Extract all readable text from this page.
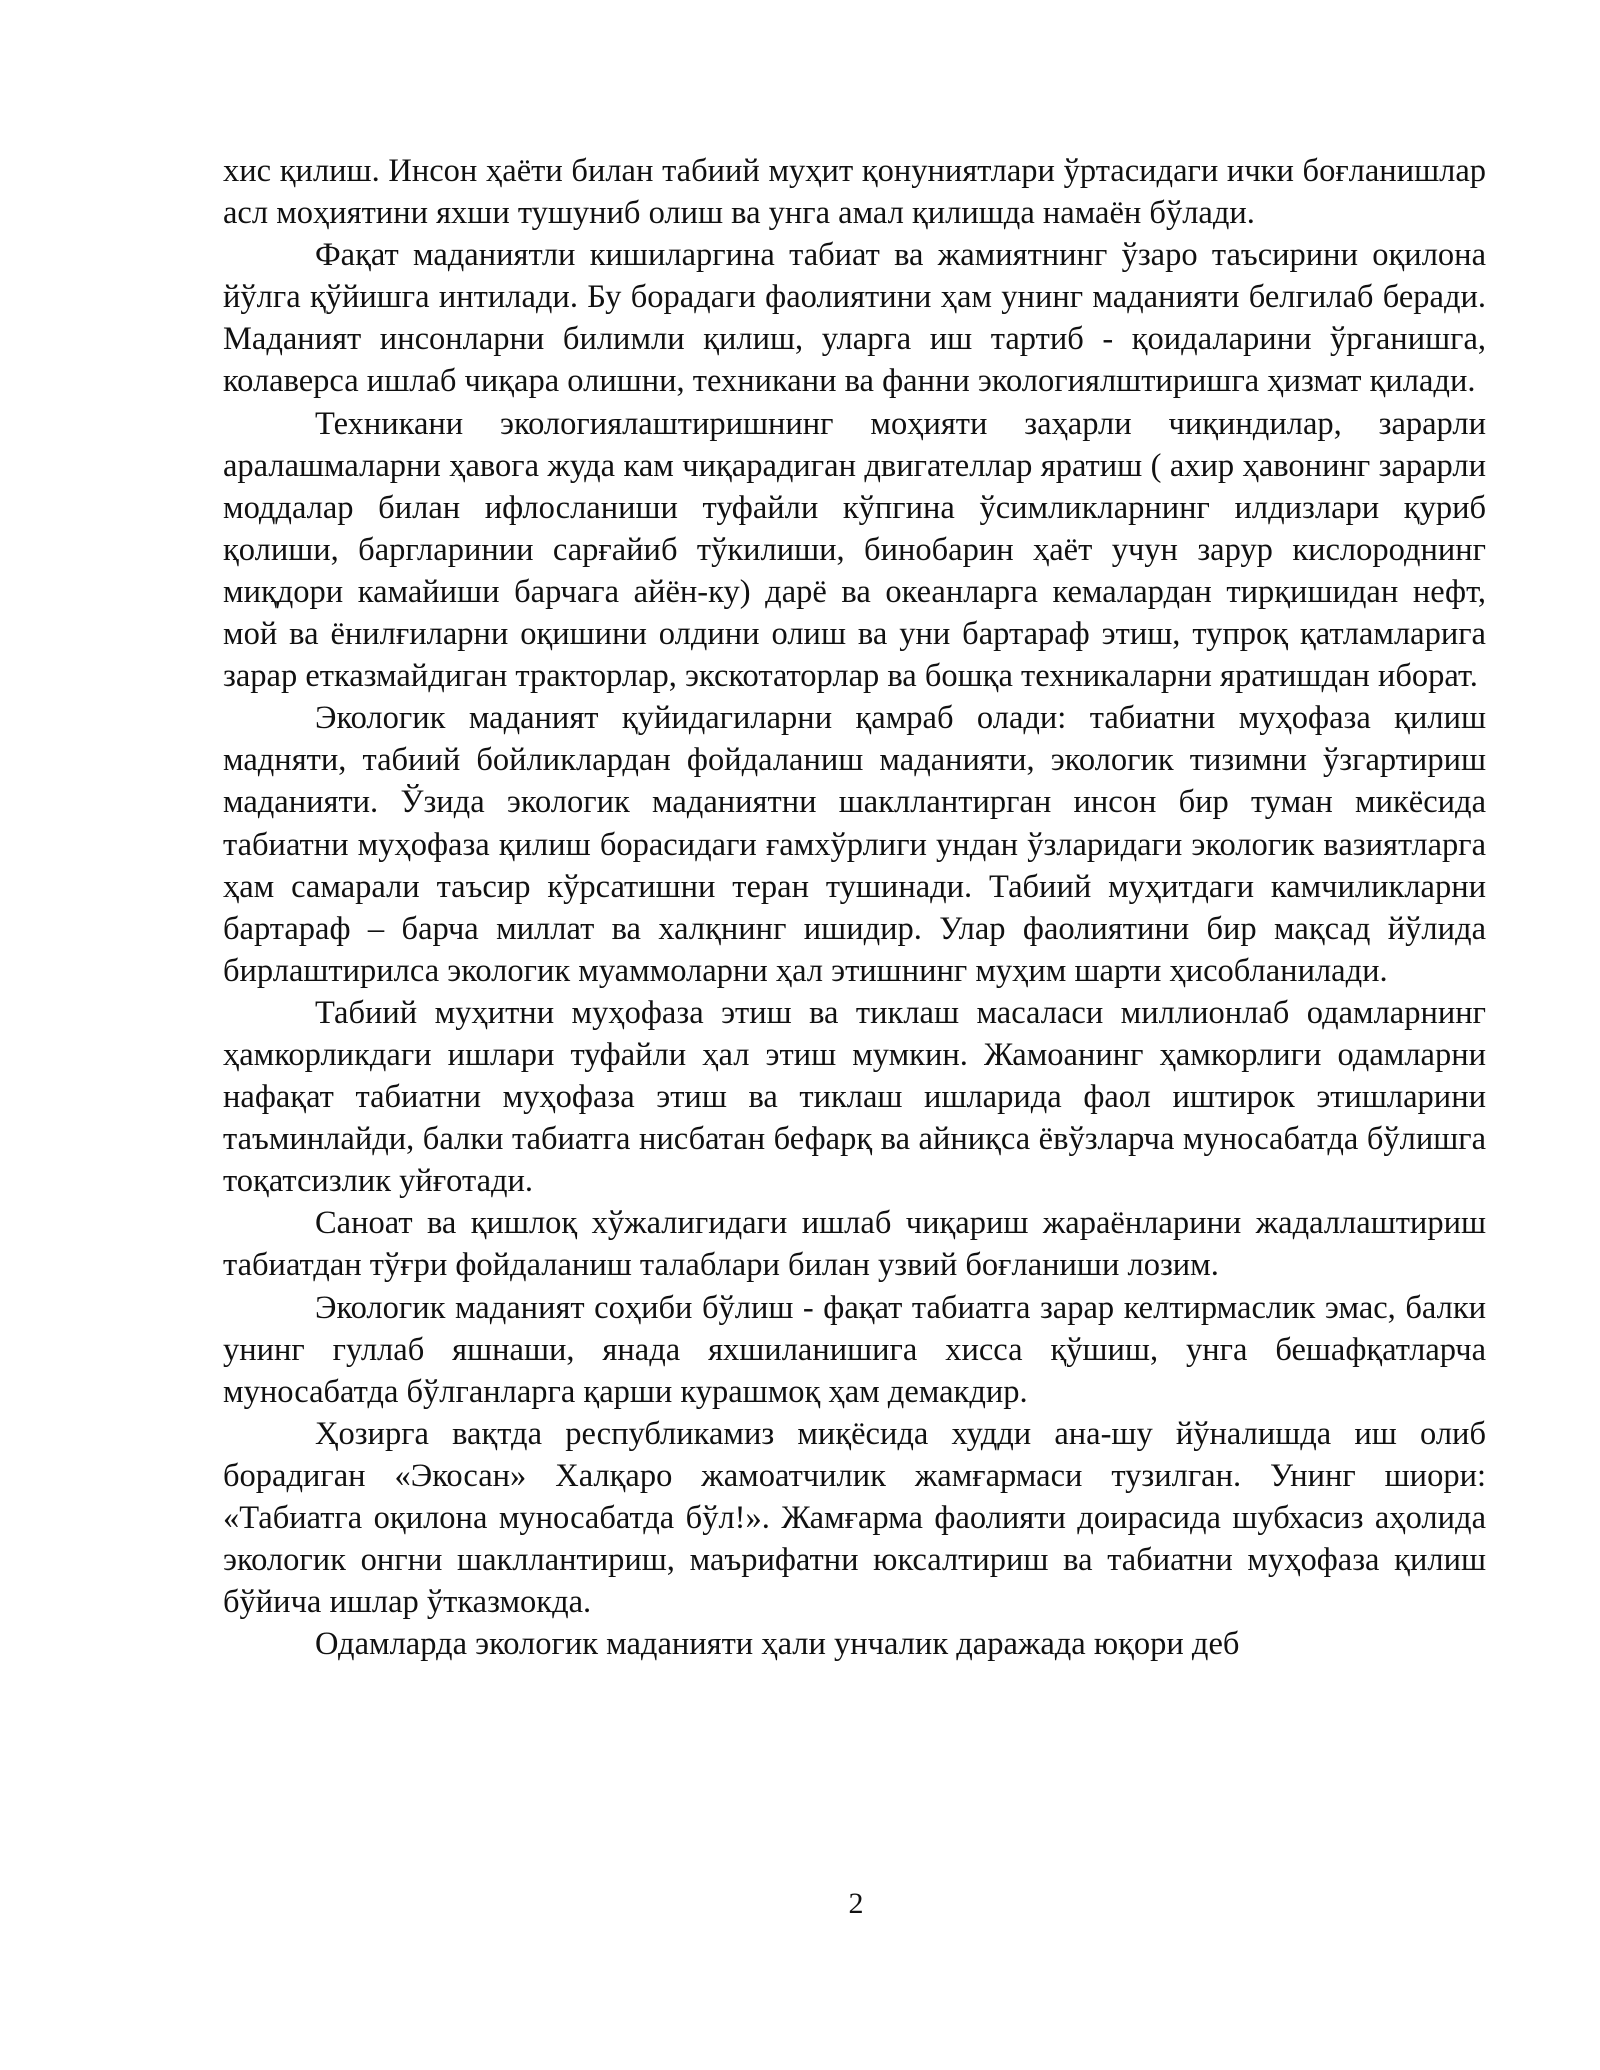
хис қилиш. Инсон ҳаёти билан табиий муҳит қонуниятлари ўртасидаги ички боғланишлар асл моҳиятини яхши тушуниб олиш ва унга амал қилишда намаён бўлади.

Фақат маданиятли кишиларгина табиат ва жамиятнинг ўзаро таъсирини оқилона йўлга қўйишга интилади. Бу борадаги фаолиятини ҳам унинг маданияти белгилаб беради. Маданият инсонларни билимли қилиш, уларга иш тартиб - қоидаларини ўрганишга, колаверса ишлаб чиқара олишни, техникани ва фанни экологиялштиришга ҳизмат қилади.

Техникани экологиялаштиришнинг моҳияти заҳарли чиқиндилар, зарарли аралашмаларни ҳавога жуда кам чиқарадиган двигателлар яратиш ( ахир ҳавонинг зарарли моддалар билан ифлосланиши туфайли кўпгина ўсимликларнинг илдизлари қуриб қолиши, баргларинии сарғайиб тўкилиши, бинобарин ҳаёт учун зарур кислороднинг миқдори камайиши барчага айён-ку) дарё ва океанларга кемалардан тирқишидан нефт, мой ва ёнилғиларни оқишини олдини олиш ва уни бартараф этиш, тупроқ қатламларига зарар етказмайдиган тракторлар, экскотаторлар ва бошқа техникаларни яратишдан иборат.

Экологик маданият қуйидагиларни қамраб олади: табиатни муҳофаза қилиш мадняти, табиий бойликлардан фойдаланиш маданияти, экологик тизимни ўзгартириш маданияти. Ўзида экологик маданиятни шакллантирган инсон бир туман микёсида табиатни муҳофаза қилиш борасидаги ғамхўрлиги ундан ўзларидаги экологик вазиятларга ҳам самарали таъсир кўрсатишни теран тушинади. Табиий муҳитдаги камчиликларни бартараф – барча миллат ва халқнинг ишидир. Улар фаолиятини бир мақсад йўлида бирлаштирилса экологик муаммоларни ҳал этишнинг муҳим шарти ҳисобланилади.

Табиий муҳитни муҳофаза этиш ва тиклаш масаласи миллионлаб одамларнинг ҳамкорликдаги ишлари туфайли ҳал этиш мумкин. Жамоанинг ҳамкорлиги одамларни нафақат табиатни муҳофаза этиш ва тиклаш ишларида фаол иштирок этишларини таъминлайди, балки табиатга нисбатан бефарқ ва айниқса ёвўзларча муносабатда бўлишга тоқатсизлик уйғотади.

Саноат ва қишлоқ хўжалигидаги ишлаб чиқариш жараёнларини жадаллаштириш табиатдан тўғри фойдаланиш талаблари билан узвий боғланиши лозим.

Экологик маданият соҳиби бўлиш - фақат табиатга зарар келтирмаслик эмас, балки унинг гуллаб яшнаши, янада яхшиланишига хисса қўшиш, унга бешафқатларча муносабатда бўлганларга қарши курашмоқ ҳам демакдир.

Ҳозирга вақтда республикамиз миқёсида худди ана-шу йўналишда иш олиб борадиган «Экосан» Халқаро жамоатчилик жамғармаси тузилган. Унинг шиори: «Табиатга оқилона муносабатда бўл!». Жамғарма фаолияти доирасида шубхасиз аҳолида экологик онгни шакллантириш, маърифатни юксалтириш ва табиатни муҳофаза қилиш бўйича ишлар ўтказмокда.

Одамларда экологик маданияти ҳали унчалик даражада юқори деб

2
